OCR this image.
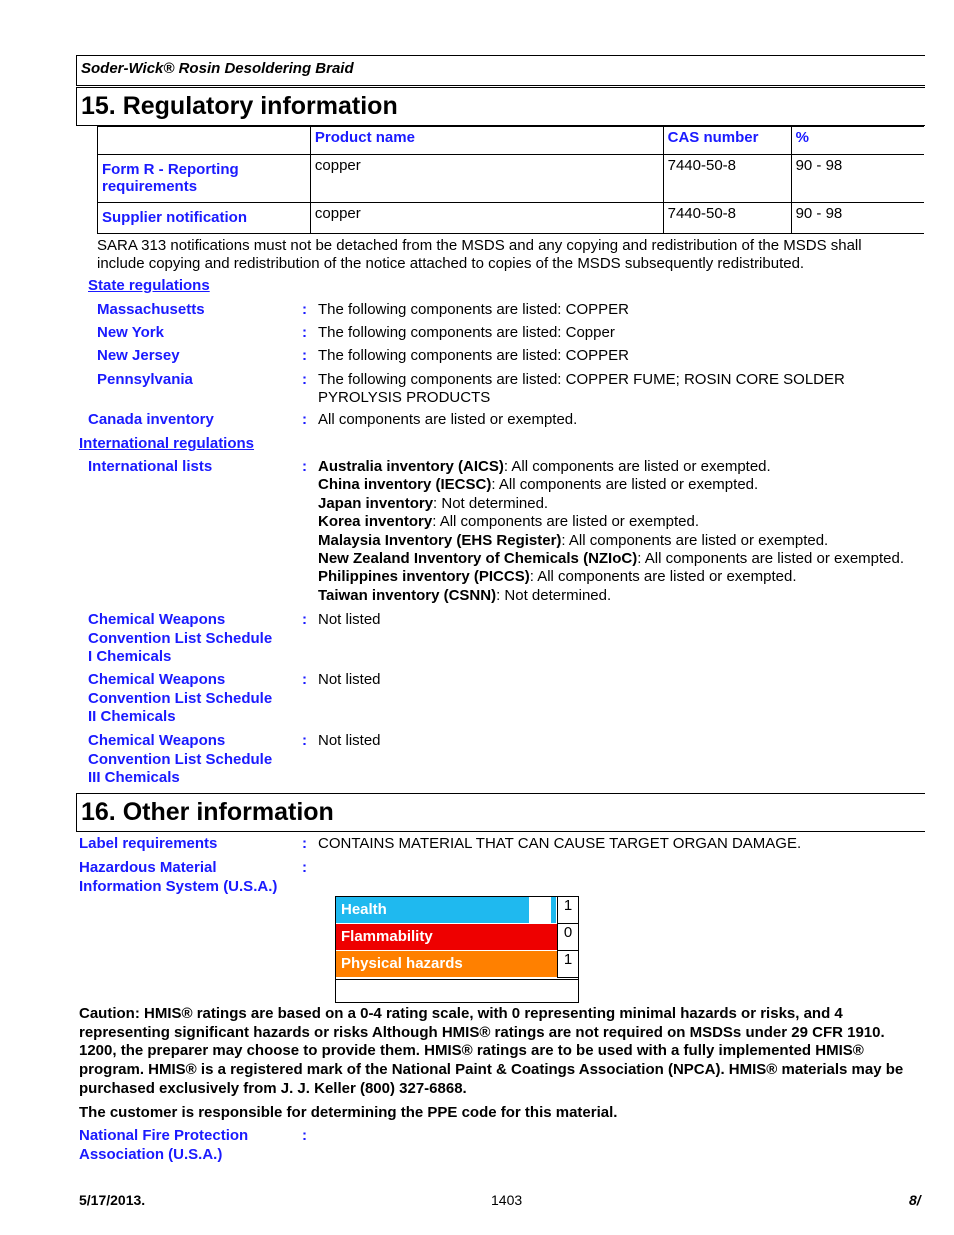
Soder-Wick® Rosin Desoldering Braid
15. Regulatory information
	Product name	CAS number	%
Form R - Reporting requirements	copper	7440-50-8	90 - 98
Supplier notification	copper	7440-50-8	90 - 98
SARA 313 notifications must not be detached from the MSDS and any copying and redistribution of the MSDS shall include copying and redistribution of the notice attached to copies of the MSDS subsequently redistributed.
State regulations
Massachusetts	: The following components are listed: COPPER
New York	: The following components are listed: Copper
New Jersey	: The following components are listed: COPPER
Pennsylvania	: The following components are listed: COPPER FUME; ROSIN CORE SOLDER PYROLYSIS PRODUCTS
Canada inventory	: All components are listed or exempted.
International regulations
International lists	: Australia inventory (AICS): All components are listed or exempted.
China inventory (IECSC): All components are listed or exempted.
Japan inventory: Not determined.
Korea inventory: All components are listed or exempted.
Malaysia Inventory (EHS Register): All components are listed or exempted.
New Zealand Inventory of Chemicals (NZIoC): All components are listed or exempted.
Philippines inventory (PICCS): All components are listed or exempted.
Taiwan inventory (CSNN): Not determined.
Chemical Weapons
Convention List Schedule
I Chemicals
: Not listed
Chemical Weapons
Convention List Schedule
II Chemicals
: Not listed
Chemical Weapons
Convention List Schedule
III Chemicals
: Not listed
16. Other information
Label requirements	: CONTAINS MATERIAL THAT CAN CAUSE TARGET ORGAN DAMAGE.
Hazardous Material
Information System (U.S.A.)
:
Health	1
Flammability	0
Physical hazards	1
Caution: HMIS® ratings are based on a 0-4 rating scale, with 0 representing minimal hazards or risks, and 4 representing significant hazards or risks Although HMIS® ratings are not required on MSDSs under 29 CFR 1910. 1200, the preparer may choose to provide them. HMIS® ratings are to be used with a fully implemented HMIS® program. HMIS® is a registered mark of the National Paint & Coatings Association (NPCA). HMIS® materials may be purchased exclusively from J. J. Keller (800) 327-6868.
The customer is responsible for determining the PPE code for this material.
National Fire Protection
Association (U.S.A.)
:
5/17/2013.	1403	8/
